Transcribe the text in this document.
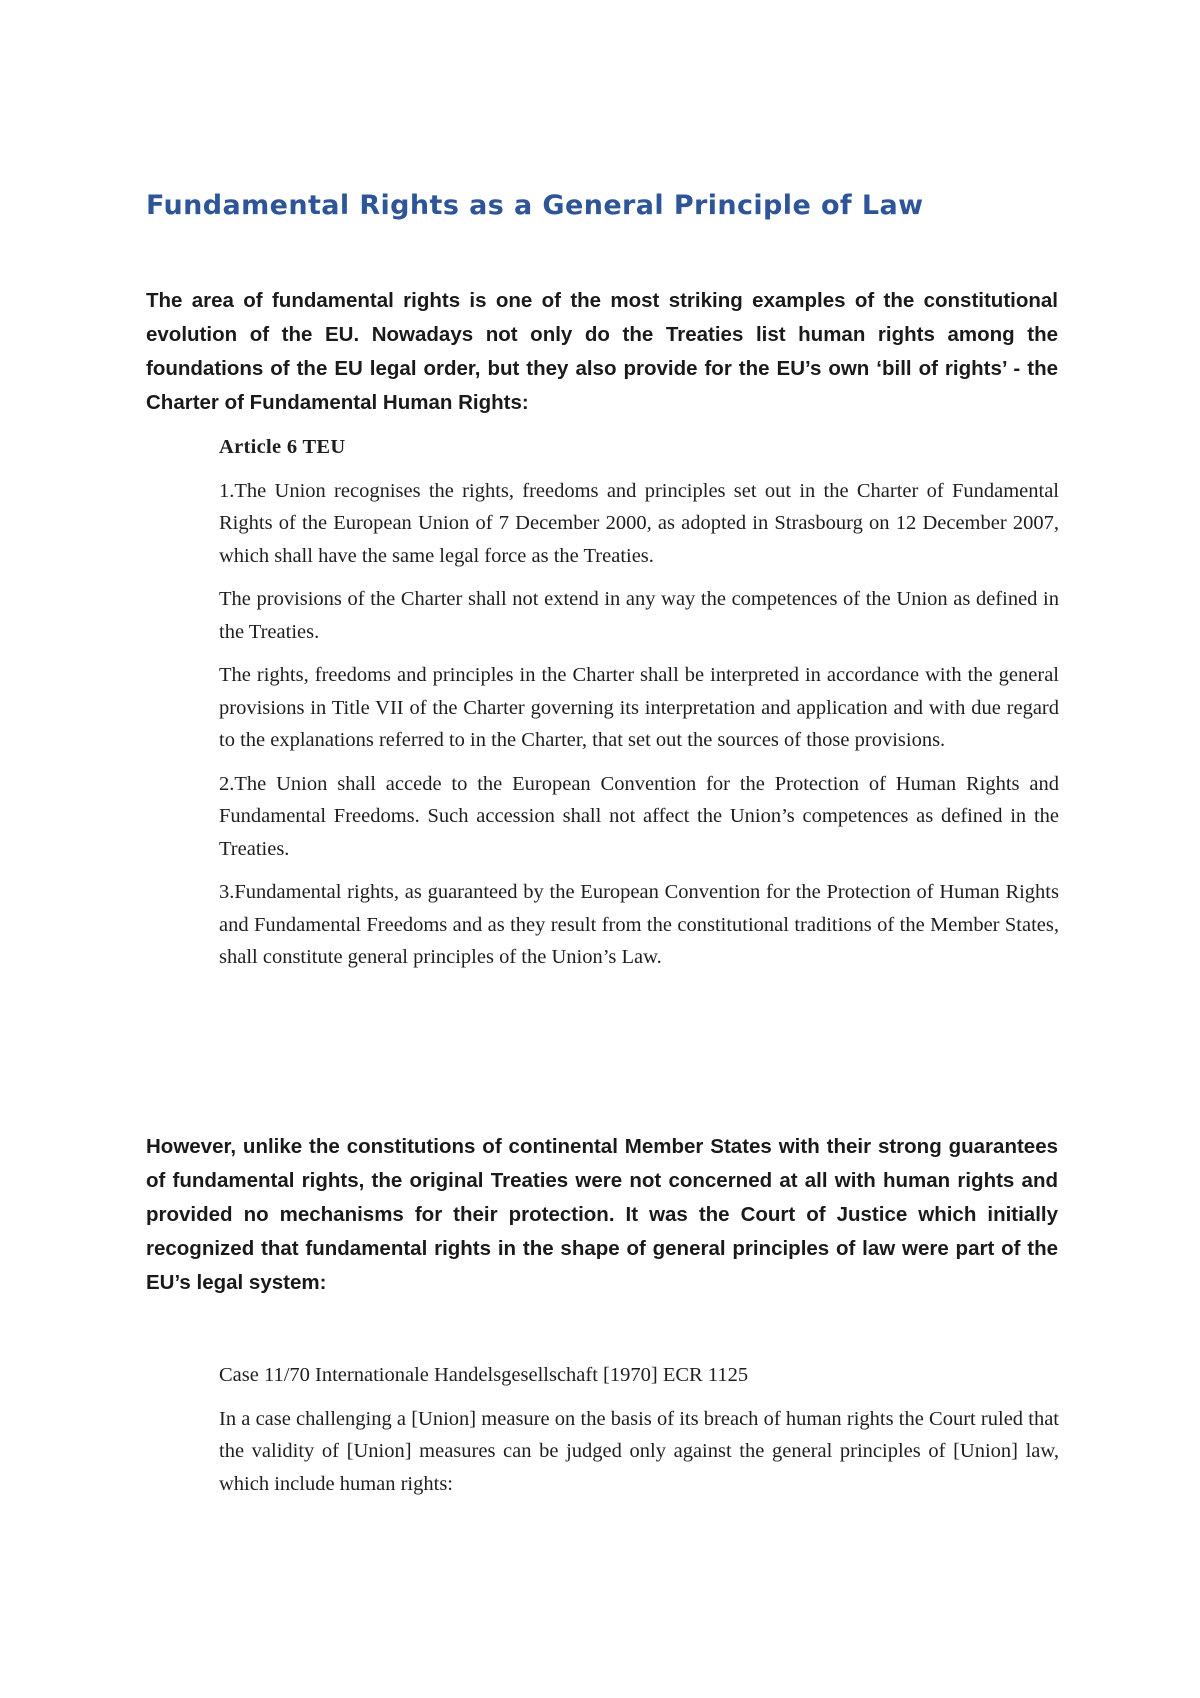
Fundamental Rights as a General Principle of Law

The area of fundamental rights is one of the most striking examples of the constitutional evolution of the EU. Nowadays not only do the Treaties list human rights among the foundations of the EU legal order, but they also provide for the EU’s own ‘bill of rights’ - the Charter of Fundamental Human Rights:

Article 6 TEU

1.The Union recognises the rights, freedoms and principles set out in the Charter of Fundamental Rights of the European Union of 7 December 2000, as adopted in Strasbourg on 12 December 2007, which shall have the same legal force as the Treaties.

The provisions of the Charter shall not extend in any way the competences of the Union as defined in the Treaties.

The rights, freedoms and principles in the Charter shall be interpreted in accordance with the general provisions in Title VII of the Charter governing its interpretation and application and with due regard to the explanations referred to in the Charter, that set out the sources of those provisions.

2.The Union shall accede to the European Convention for the Protection of Human Rights and Fundamental Freedoms. Such accession shall not affect the Union’s competences as defined in the Treaties.

3.Fundamental rights, as guaranteed by the European Convention for the Protection of Human Rights and Fundamental Freedoms and as they result from the constitutional traditions of the Member States, shall constitute general principles of the Union’s Law.

However, unlike the constitutions of continental Member States with their strong guarantees of fundamental rights, the original Treaties were not concerned at all with human rights and provided no mechanisms for their protection. It was the Court of Justice which initially recognized that fundamental rights in the shape of general principles of law were part of the EU’s legal system:

Case 11/70 Internationale Handelsgesellschaft [1970] ECR 1125

In a case challenging a [Union] measure on the basis of its breach of human rights the Court ruled that the validity of [Union] measures can be judged only against the general principles of [Union] law, which include human rights:
